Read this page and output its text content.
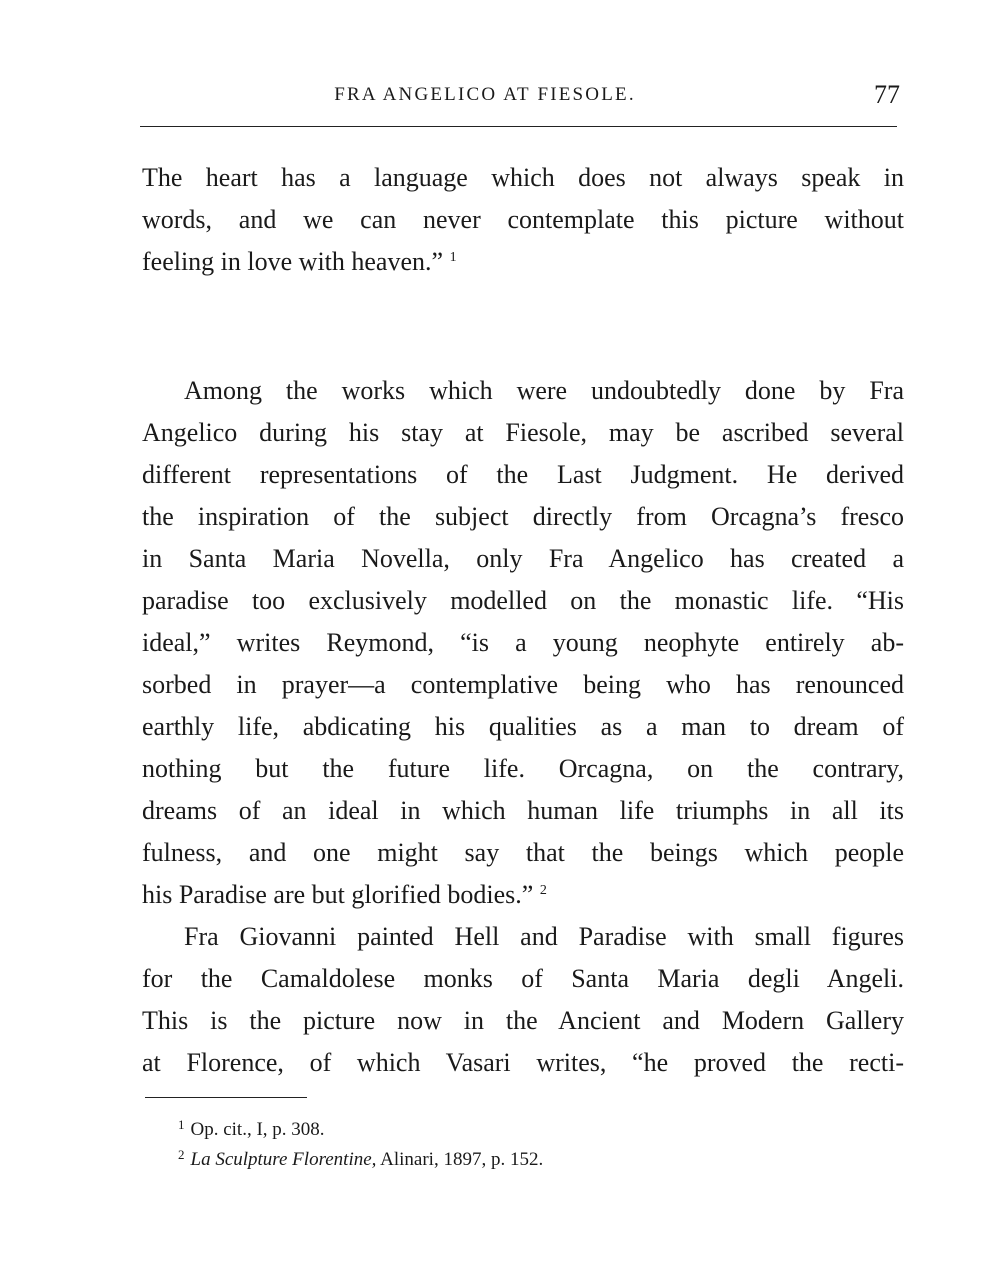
FRA ANGELICO AT FIESOLE.	77
The heart has a language which does not always speak in
words, and we can never contemplate this picture without
feeling in love with heaven.” $^1$
Among the works which were undoubtedly done by Fra
Angelico during his stay at Fiesole, may be ascribed several
different representations of the Last Judgment. He derived
the inspiration of the subject directly from Orcagna’s fresco
in Santa Maria Novella, only Fra Angelico has created a
paradise too exclusively modelled on the monastic life. “His
ideal,” writes Reymond, “is a young neophyte entirely ab-
sorbed in prayer—a contemplative being who has renounced
earthly life, abdicating his qualities as a man to dream of
nothing but the future life. Orcagna, on the contrary,
dreams of an ideal in which human life triumphs in all its
fulness, and one might say that the beings which people
his Paradise are but glorified bodies.” $^2$
Fra Giovanni painted Hell and Paradise with small figures
for the Camaldolese monks of Santa Maria degli Angeli.
This is the picture now in the Ancient and Modern Gallery
at Florence, of which Vasari writes, “he proved the recti-
$^1$ Op. cit., I, p. 308.
$^2$ La Sculpture Florentine, Alinari, 1897, p. 152.
